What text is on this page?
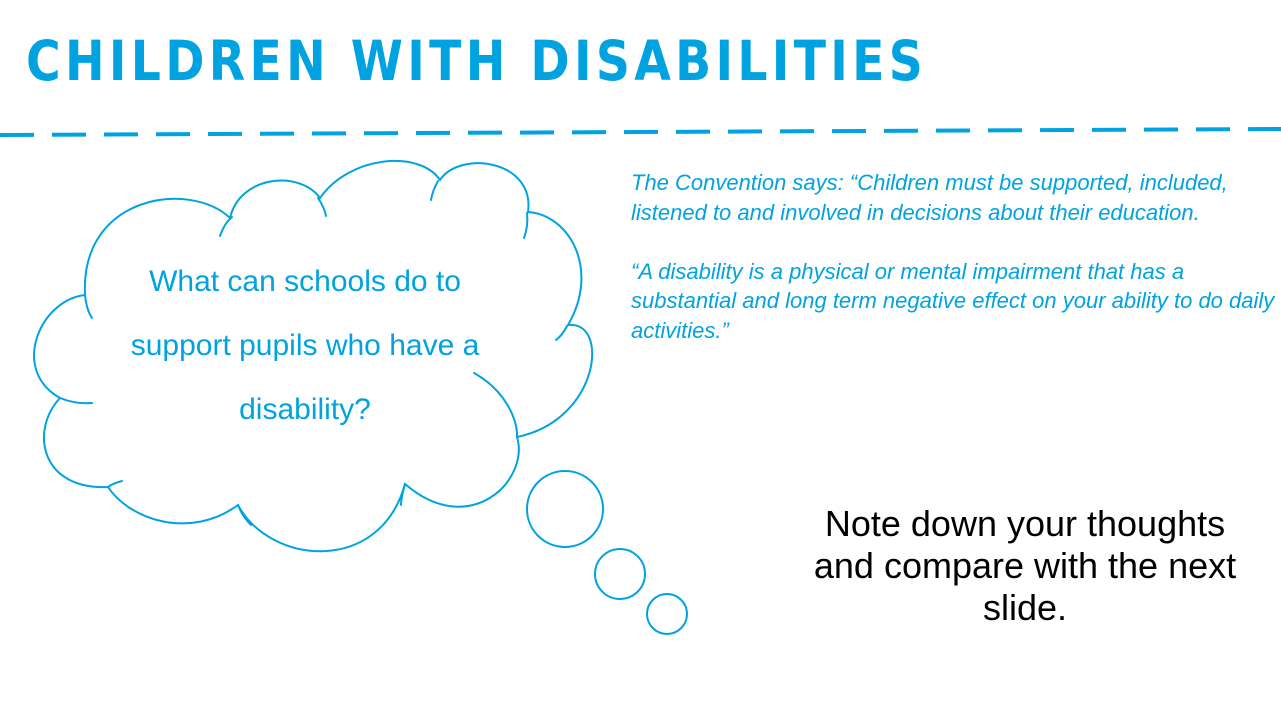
CHILDREN WITH DISABILITIES

What can schools do to support pupils who have a disability?

The Convention says: “Children must be supported, included, listened to and involved in decisions about their education.

“A disability is a physical or mental impairment that has a substantial and long term negative effect on your ability to do daily activities.”

Note down your thoughts and compare with the next slide.
